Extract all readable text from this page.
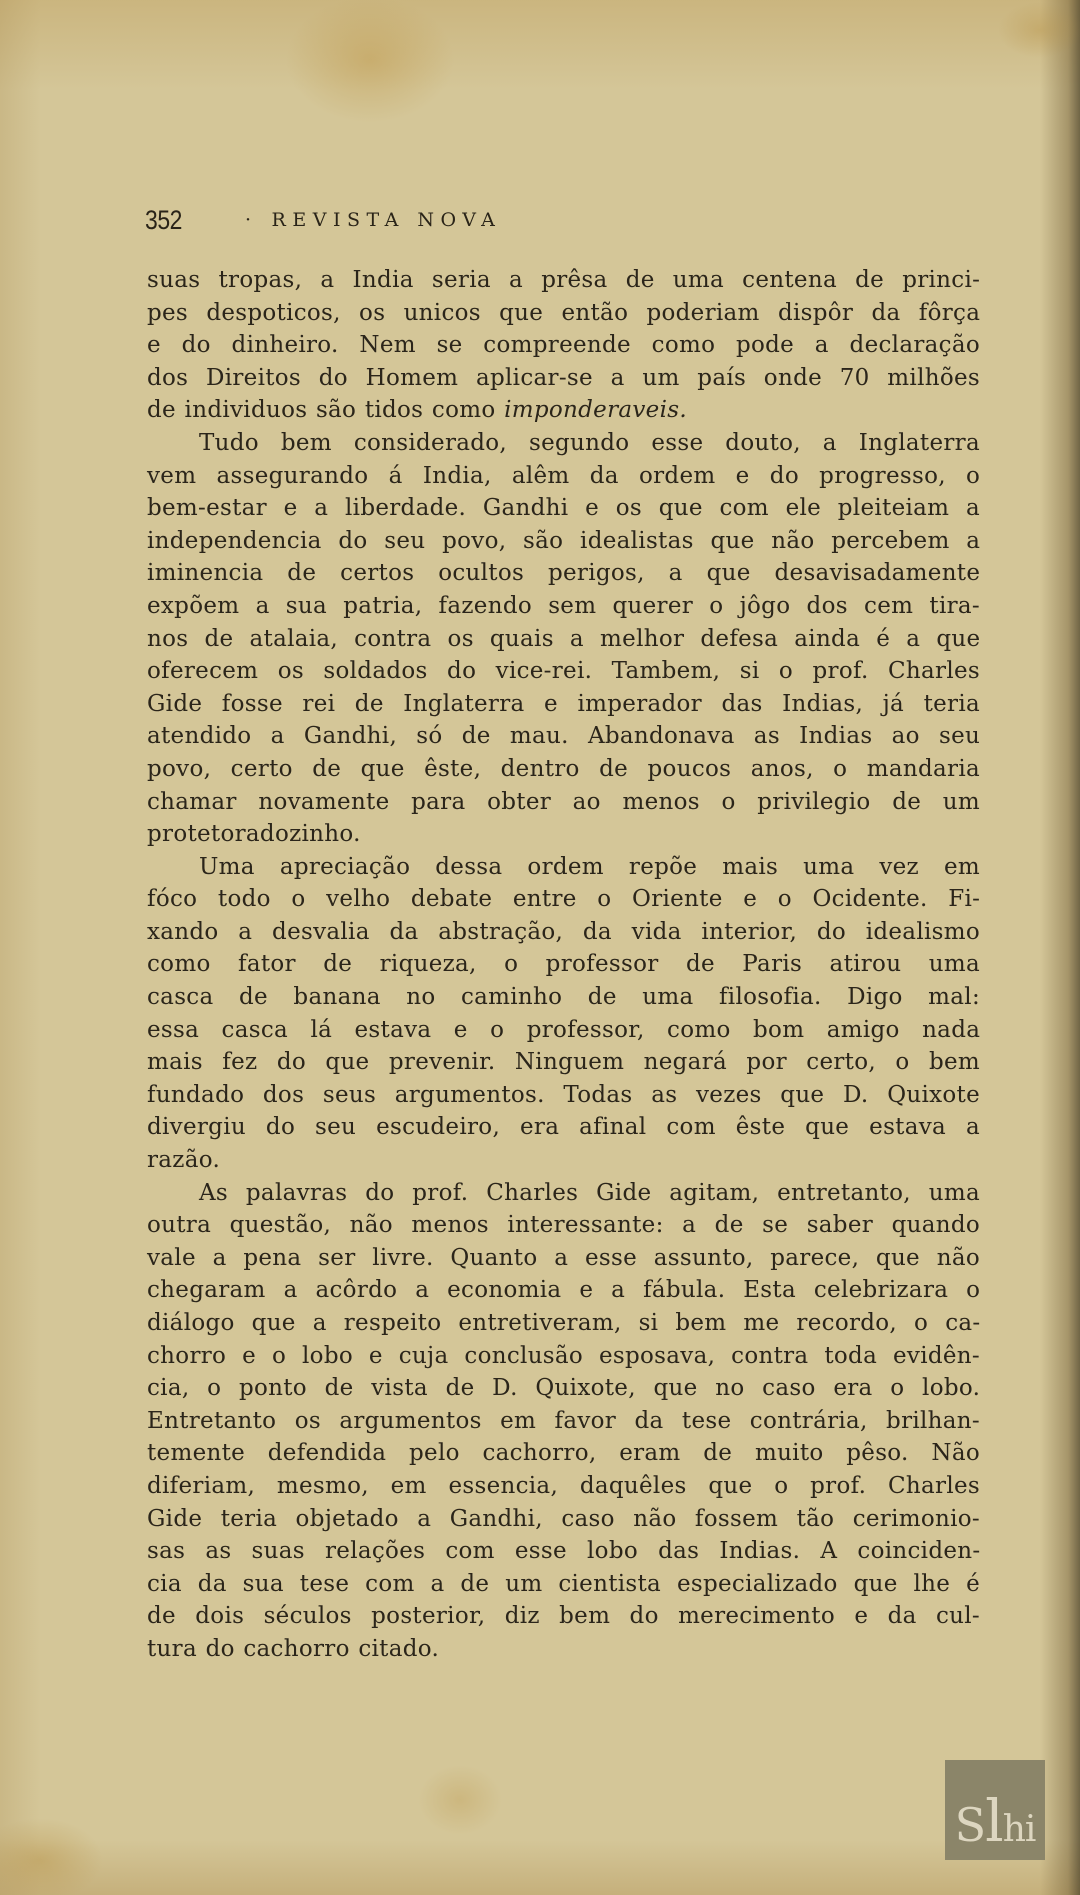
352	· REVISTA NOVA
suas tropas, a India seria a prêsa de uma centena de princi-
pes despoticos, os unicos que então poderiam dispôr da fôrça
e do dinheiro. Nem se compreende como pode a declaração
dos Direitos do Homem aplicar-se a um país onde 70 milhões
de individuos são tidos como imponderaveis.
Tudo bem considerado, segundo esse douto, a Inglaterra
vem assegurando á India, alêm da ordem e do progresso, o
bem-estar e a liberdade. Gandhi e os que com ele pleiteiam a
independencia do seu povo, são idealistas que não percebem a
iminencia de certos ocultos perigos, a que desavisadamente
expõem a sua patria, fazendo sem querer o jôgo dos cem tira-
nos de atalaia, contra os quais a melhor defesa ainda é a que
oferecem os soldados do vice-rei. Tambem, si o prof. Charles
Gide fosse rei de Inglaterra e imperador das Indias, já teria
atendido a Gandhi, só de mau. Abandonava as Indias ao seu
povo, certo de que êste, dentro de poucos anos, o mandaria
chamar novamente para obter ao menos o privilegio de um
protetoradozinho.
Uma apreciação dessa ordem repõe mais uma vez em
fóco todo o velho debate entre o Oriente e o Ocidente. Fi-
xando a desvalia da abstração, da vida interior, do idealismo
como fator de riqueza, o professor de Paris atirou uma
casca de banana no caminho de uma filosofia. Digo mal:
essa casca lá estava e o professor, como bom amigo nada
mais fez do que prevenir. Ninguem negará por certo, o bem
fundado dos seus argumentos. Todas as vezes que D. Quixote
divergiu do seu escudeiro, era afinal com êste que estava a
razão.
As palavras do prof. Charles Gide agitam, entretanto, uma
outra questão, não menos interessante: a de se saber quando
vale a pena ser livre. Quanto a esse assunto, parece, que não
chegaram a acôrdo a economia e a fábula. Esta celebrizara o
diálogo que a respeito entretiveram, si bem me recordo, o ca-
chorro e o lobo e cuja conclusão esposava, contra toda evidên-
cia, o ponto de vista de D. Quixote, que no caso era o lobo.
Entretanto os argumentos em favor da tese contrária, brilhan-
temente defendida pelo cachorro, eram de muito pêso. Não
diferiam, mesmo, em essencia, daquêles que o prof. Charles
Gide teria objetado a Gandhi, caso não fossem tão cerimonio-
sas as suas relações com esse lobo das Indias. A coinciden-
cia da sua tese com a de um cientista especializado que lhe é
de dois séculos posterior, diz bem do merecimento e da cul-
tura do cachorro citado.
Slhi
